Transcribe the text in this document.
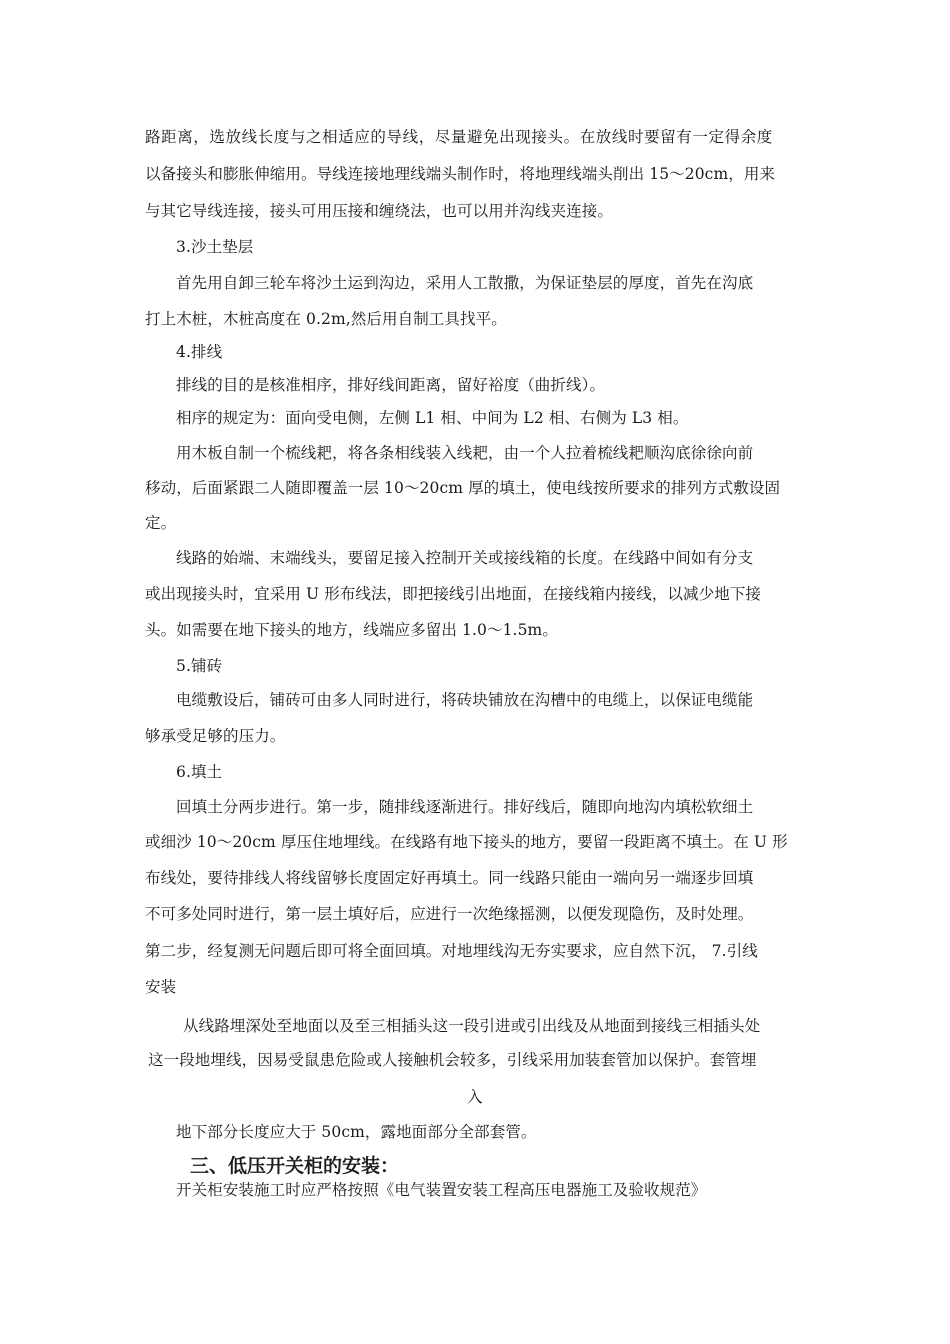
路距离，选放线长度与之相适应的导线，尽量避免出现接头。在放线时要留有一定得余度
以备接头和膨胀伸缩用。导线连接地理线端头制作时，将地理线端头削出 15～20cm，用来
与其它导线连接，接头可用压接和缠绕法，也可以用并沟线夹连接。
3.沙土垫层
首先用自卸三轮车将沙土运到沟边，采用人工散撒，为保证垫层的厚度，首先在沟底
打上木桩，木桩高度在 0.2m,然后用自制工具找平。
4.排线
排线的目的是核准相序，排好线间距离，留好裕度（曲折线）。
相序的规定为：面向受电侧，左侧 L1 相、中间为 L2 相、右侧为 L3 相。
用木板自制一个梳线耙，将各条相线装入线耙，由一个人拉着梳线耙顺沟底徐徐向前
移动，后面紧跟二人随即覆盖一层 10～20cm 厚的填土，使电线按所要求的排列方式敷设固
定。
线路的始端、末端线头，要留足接入控制开关或接线箱的长度。在线路中间如有分支
或出现接头时，宜采用 U 形布线法，即把接线引出地面，在接线箱内接线，以减少地下接
头。如需要在地下接头的地方，线端应多留出 1.0～1.5m。
5.铺砖
电缆敷设后，铺砖可由多人同时进行，将砖块铺放在沟槽中的电缆上，以保证电缆能
够承受足够的压力。
6.填土
回填土分两步进行。第一步，随排线逐渐进行。排好线后，随即向地沟内填松软细土
或细沙 10～20cm 厚压住地埋线。在线路有地下接头的地方，要留一段距离不填土。在 U 形
布线处，要待排线人将线留够长度固定好再填土。同一线路只能由一端向另一端逐步回填
不可多处同时进行，第一层土填好后，应进行一次绝缘摇测，以便发现隐伤，及时处理。
第二步，经复测无问题后即可将全面回填。对地埋线沟无夯实要求，应自然下沉， 7.引线
安装
从线路埋深处至地面以及至三相插头这一段引进或引出线及从地面到接线三相插头处
这一段地埋线，因易受鼠患危险或人接触机会较多，引线采用加装套管加以保护。套管埋
入
地下部分长度应大于 50cm，露地面部分全部套管。
三、低压开关柜的安装：
开关柜安装施工时应严格按照《电气装置安装工程高压电器施工及验收规范》
